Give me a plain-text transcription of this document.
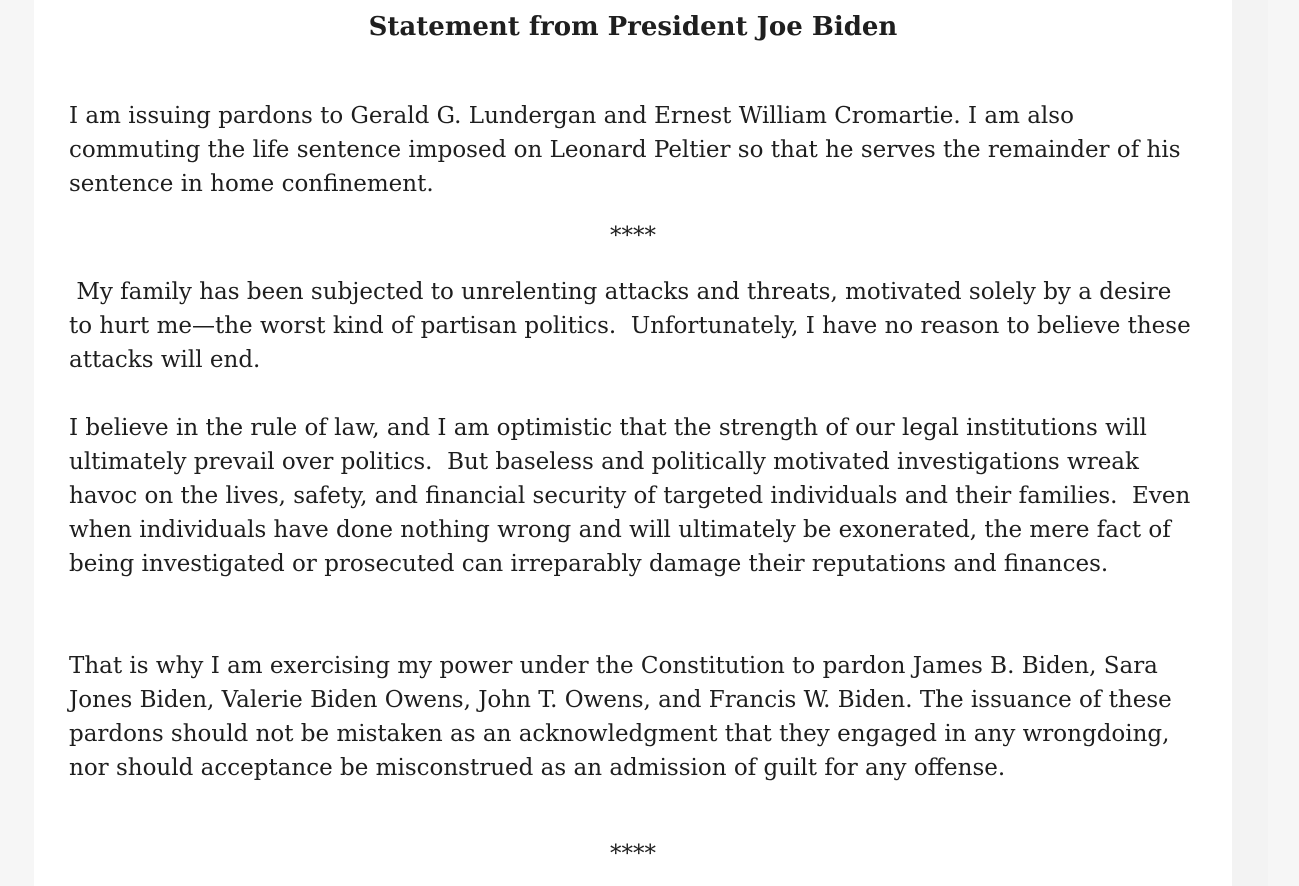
Statement from President Joe Biden

I am issuing pardons to Gerald G. Lundergan and Ernest William Cromartie. I am also commuting the life sentence imposed on Leonard Peltier so that he serves the remainder of his sentence in home confinement.

****

My family has been subjected to unrelenting attacks and threats, motivated solely by a desire to hurt me—the worst kind of partisan politics.  Unfortunately, I have no reason to believe these attacks will end.

I believe in the rule of law, and I am optimistic that the strength of our legal institutions will ultimately prevail over politics.  But baseless and politically motivated investigations wreak havoc on the lives, safety, and financial security of targeted individuals and their families.  Even when individuals have done nothing wrong and will ultimately be exonerated, the mere fact of being investigated or prosecuted can irreparably damage their reputations and finances.

That is why I am exercising my power under the Constitution to pardon James B. Biden, Sara Jones Biden, Valerie Biden Owens, John T. Owens, and Francis W. Biden. The issuance of these pardons should not be mistaken as an acknowledgment that they engaged in any wrongdoing, nor should acceptance be misconstrued as an admission of guilt for any offense.

****
